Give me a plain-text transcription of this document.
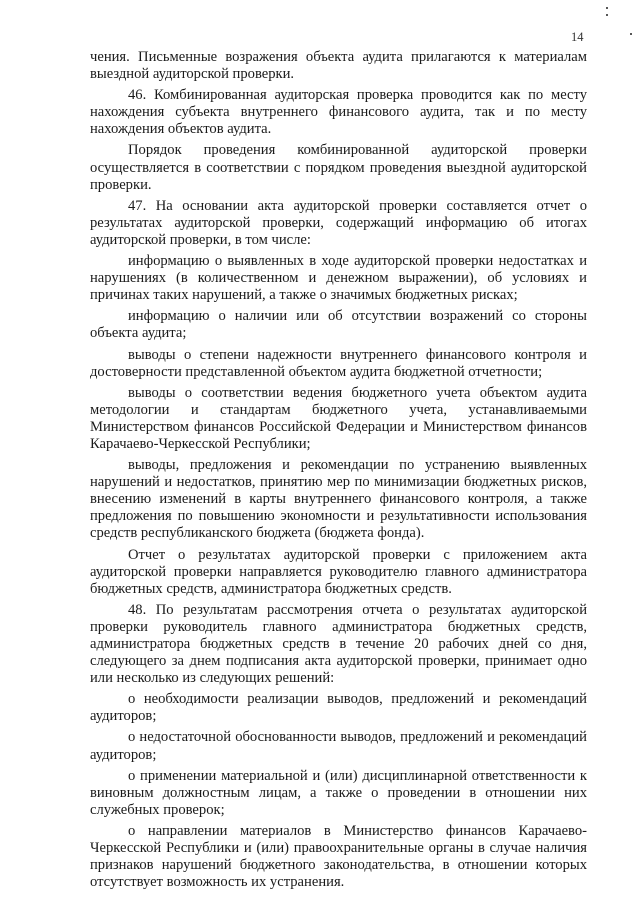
14

чения. Письменные возражения объекта аудита прилагаются к материалам выездной аудиторской проверки.

46. Комбинированная аудиторская проверка проводится как по месту нахождения субъекта внутреннего финансового аудита, так и по месту нахождения объектов аудита.

Порядок проведения комбинированной аудиторской проверки осуществляется в соответствии с порядком проведения выездной аудиторской проверки.

47. На основании акта аудиторской проверки составляется отчет о результатах аудиторской проверки, содержащий информацию об итогах аудиторской проверки, в том числе:

информацию о выявленных в ходе аудиторской проверки недостатках и нарушениях (в количественном и денежном выражении), об условиях и причинах таких нарушений, а также о значимых бюджетных рисках;

информацию о наличии или об отсутствии возражений со стороны объекта аудита;

выводы о степени надежности внутреннего финансового контроля и достоверности представленной объектом аудита бюджетной отчетности;

выводы о соответствии ведения бюджетного учета объектом аудита методологии и стандартам бюджетного учета, устанавливаемыми Министерством финансов Российской Федерации и Министерством финансов Карачаево-Черкесской Республики;

выводы, предложения и рекомендации по устранению выявленных нарушений и недостатков, принятию мер по минимизации бюджетных рисков, внесению изменений в карты внутреннего финансового контроля, а также предложения по повышению экономности и результативности использования средств республиканского бюджета (бюджета фонда).

Отчет о результатах аудиторской проверки с приложением акта аудиторской проверки направляется руководителю главного администратора бюджетных средств, администратора бюджетных средств.

48. По результатам рассмотрения отчета о результатах аудиторской проверки руководитель главного администратора бюджетных средств, администратора бюджетных средств в течение 20 рабочих дней со дня, следующего за днем подписания акта аудиторской проверки, принимает одно или несколько из следующих решений:

о необходимости реализации выводов, предложений и рекомендаций аудиторов;

о недостаточной обоснованности выводов, предложений и рекомендаций аудиторов;

о применении материальной и (или) дисциплинарной ответственности к виновным должностным лицам, а также о проведении в отношении них служебных проверок;

о направлении материалов в Министерство финансов Карачаево-Черкесской Республики и (или) правоохранительные органы в случае наличия признаков нарушений бюджетного законодательства, в отношении которых отсутствует возможность их устранения.
